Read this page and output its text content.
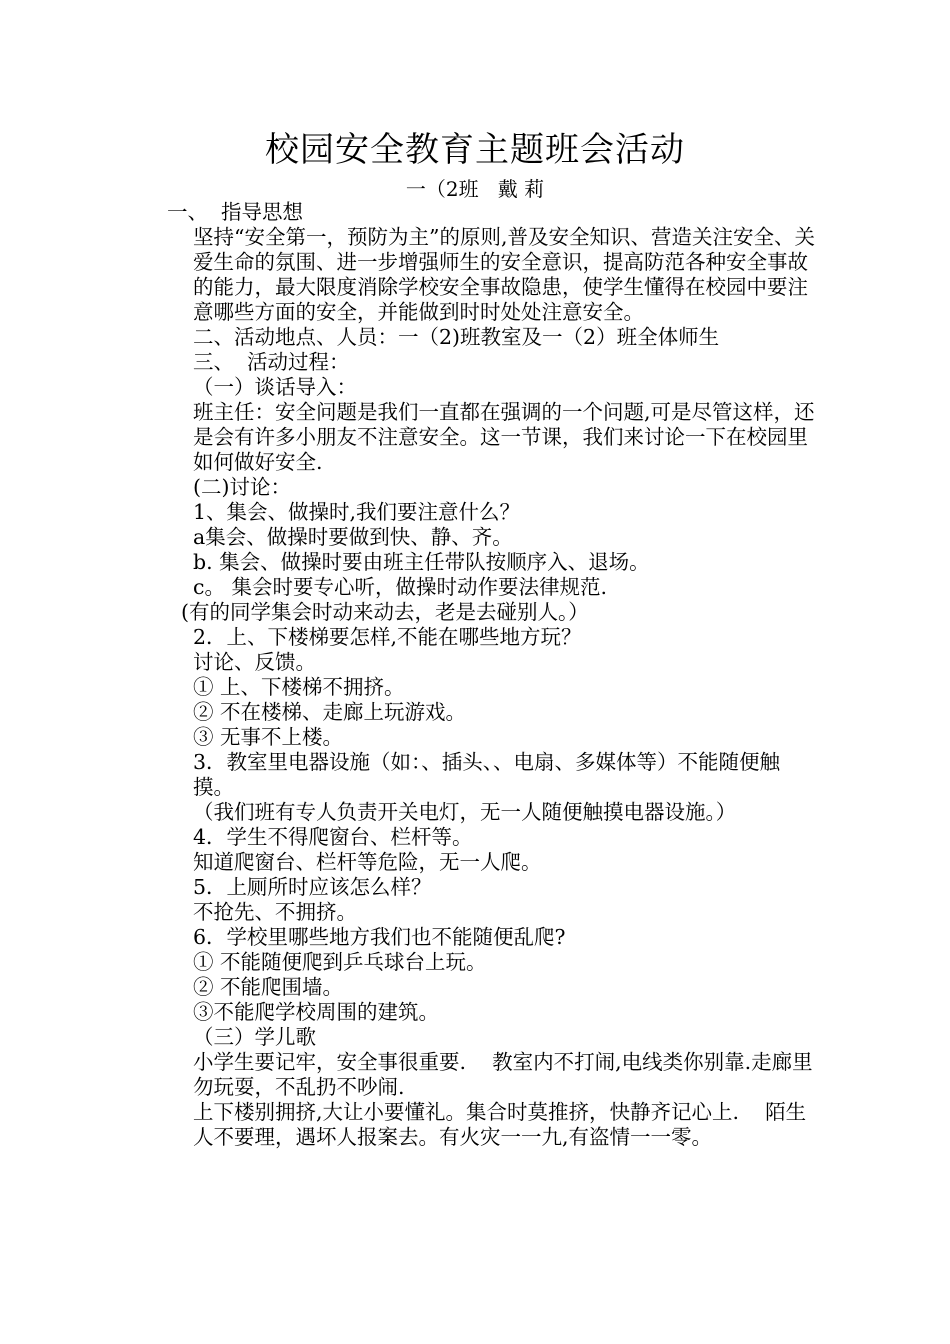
校园安全教育主题班会活动
一（2班   戴 莉

一、  指导思想

坚持“安全第一，预防为主”的原则,普及安全知识、营造关注安全、关爱生命的氛围、进一步增强师生的安全意识，提高防范各种安全事故的能力，最大限度消除学校安全事故隐患，使学生懂得在校园中要注意哪些方面的安全，并能做到时时处处注意安全。

二、活动地点、人员：一（2)班教室及一（2）班全体师生

三、  活动过程：

（一）谈话导入：

班主任：安全问题是我们一直都在强调的一个问题,可是尽管这样，还是会有许多小朋友不注意安全。这一节课，我们来讨论一下在校园里如何做好安全.

(二)讨论：

1、集会、做操时,我们要注意什么？

a集会、做操时要做到快、静、齐。

b. 集会、做操时要由班主任带队按顺序入、退场。

c。 集会时要专心听，做操时动作要法律规范.

(有的同学集会时动来动去，老是去碰别人。）

2．上、下楼梯要怎样,不能在哪些地方玩？

讨论、反馈。

① 上、下楼梯不拥挤。

② 不在楼梯、走廊上玩游戏。

③ 无事不上楼。

3．教室里电器设施（如：、插头、、电扇、多媒体等）不能随便触摸。

（我们班有专人负责开关电灯，无一人随便触摸电器设施。）

4．学生不得爬窗台、栏杆等。

知道爬窗台、栏杆等危险，无一人爬。

5．上厕所时应该怎么样？

不抢先、不拥挤。

6．学校里哪些地方我们也不能随便乱爬?

① 不能随便爬到乒乓球台上玩。

② 不能爬围墙。

③不能爬学校周围的建筑。

（三）学儿歌

小学生要记牢，安全事很重要.    教室内不打闹,电线类你别靠.走廊里勿玩耍，不乱扔不吵闹.

上下楼别拥挤,大让小要懂礼。集合时莫推挤，快静齐记心上.    陌生人不要理，遇坏人报案去。有火灾一一九,有盗情一一零。
